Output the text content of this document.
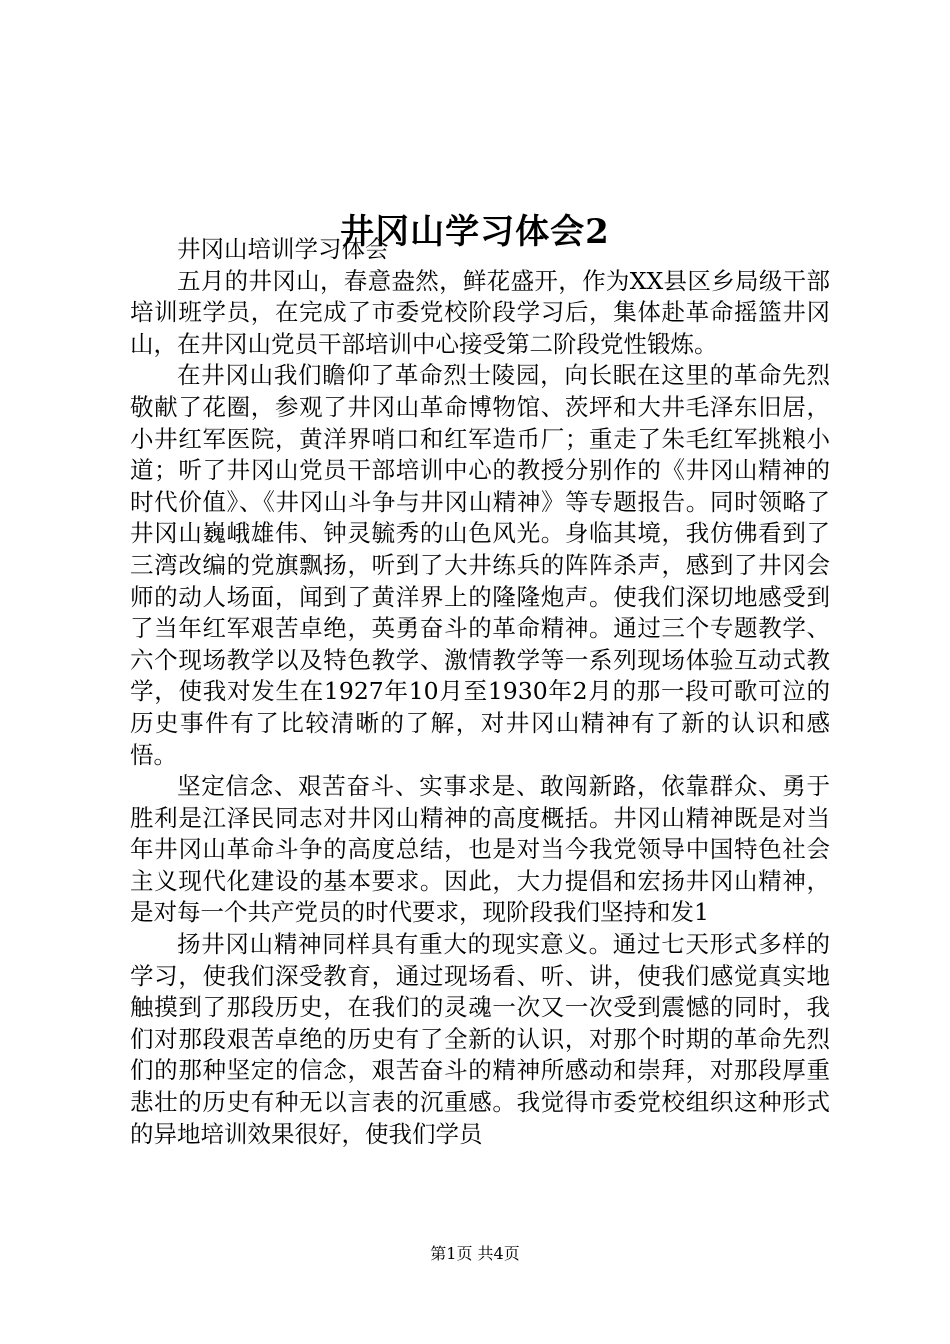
井冈山学习体会2

井冈山培训学习体会

五月的井冈山，春意盎然，鲜花盛开，作为XX县区乡局级干部培训班学员，在完成了市委党校阶段学习后，集体赴革命摇篮井冈山，在井冈山党员干部培训中心接受第二阶段党性锻炼。

在井冈山我们瞻仰了革命烈士陵园，向长眠在这里的革命先烈敬献了花圈，参观了井冈山革命博物馆、茨坪和大井毛泽东旧居，小井红军医院，黄洋界哨口和红军造币厂；重走了朱毛红军挑粮小道；听了井冈山党员干部培训中心的教授分别作的《井冈山精神的时代价值》、《井冈山斗争与井冈山精神》等专题报告。同时领略了井冈山巍峨雄伟、钟灵毓秀的山色风光。身临其境，我仿佛看到了三湾改编的党旗飘扬，听到了大井练兵的阵阵杀声，感到了井冈会师的动人场面，闻到了黄洋界上的隆隆炮声。使我们深切地感受到了当年红军艰苦卓绝，英勇奋斗的革命精神。通过三个专题教学、六个现场教学以及特色教学、激情教学等一系列现场体验互动式教学，使我对发生在1927年10月至1930年2月的那一段可歌可泣的历史事件有了比较清晰的了解，对井冈山精神有了新的认识和感悟。

坚定信念、艰苦奋斗、实事求是、敢闯新路，依靠群众、勇于胜利是江泽民同志对井冈山精神的高度概括。井冈山精神既是对当年井冈山革命斗争的高度总结，也是对当今我党领导中国特色社会主义现代化建设的基本要求。因此，大力提倡和宏扬井冈山精神，是对每一个共产党员的时代要求，现阶段我们坚持和发1

扬井冈山精神同样具有重大的现实意义。通过七天形式多样的学习，使我们深受教育，通过现场看、听、讲，使我们感觉真实地触摸到了那段历史，在我们的灵魂一次又一次受到震憾的同时，我们对那段艰苦卓绝的历史有了全新的认识，对那个时期的革命先烈们的那种坚定的信念，艰苦奋斗的精神所感动和崇拜，对那段厚重悲壮的历史有种无以言表的沉重感。我觉得市委党校组织这种形式的异地培训效果很好，使我们学员

第1页 共4页
